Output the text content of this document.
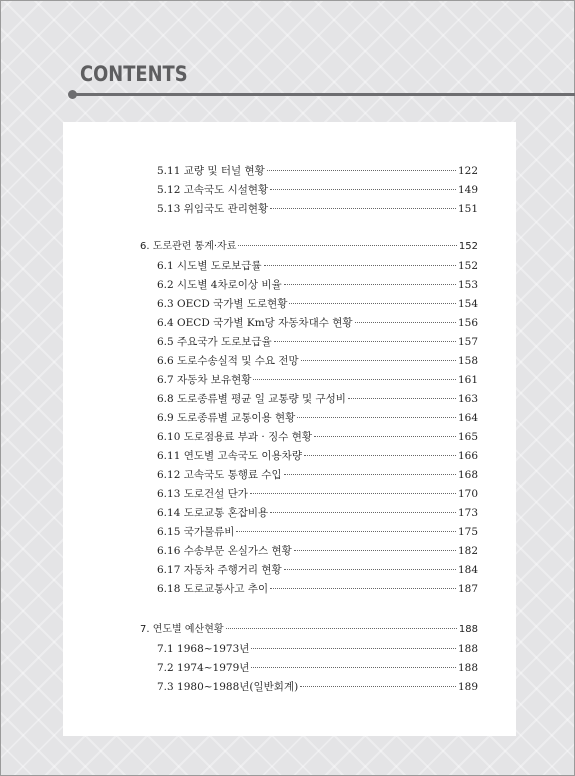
CONTENTS
5.11 교량 및 터널 현황	122
5.12 고속국도 시설현황	149
5.13 위임국도 관리현황	151
6. 도로관련 통계·자료	152
6.1 시도별 도로보급률	152
6.2 시도별 4차로이상 비율	153
6.3 OECD 국가별 도로현황	154
6.4 OECD 국가별 Km당 자동차대수 현황	156
6.5 주요국가 도로보급율	157
6.6 도로수송실적 및 수요 전망	158
6.7 자동차 보유현황	161
6.8 도로종류별 평균 일 교통량 및 구성비	163
6.9 도로종류별 교통이용 현황	164
6.10 도로점용료 부과 · 징수 현황	165
6.11 연도별 고속국도 이용차량	166
6.12 고속국도 통행료 수입	168
6.13 도로건설 단가	170
6.14 도로교통 혼잡비용	173
6.15 국가물류비	175
6.16 수송부문 온실가스 현황	182
6.17 자동차 주행거리 현황	184
6.18 도로교통사고 추이	187
7. 연도별 예산현황	188
7.1 1968~1973년	188
7.2 1974~1979년	188
7.3 1980~1988년(일반회계)	189
